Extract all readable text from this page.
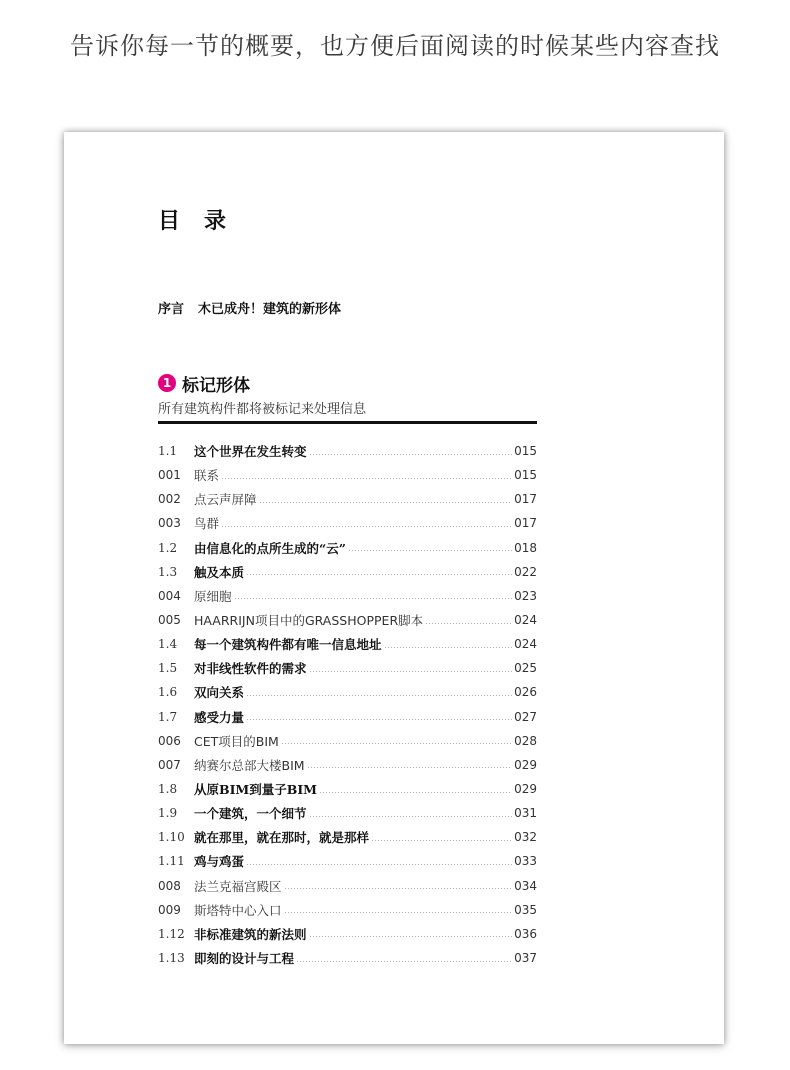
告诉你每一节的概要，也方便后面阅读的时候某些内容查找
目　录
序言 木已成舟！建筑的新形体
1 标记形体
所有建筑构件都将被标记来处理信息
1.1	这个世界在发生转变	015
001	联系	015
002	点云声屏障	017
003	鸟群	017
1.2	由信息化的点所生成的“云”	018
1.3	触及本质	022
004	原细胞	023
005	HAARRIJN项目中的GRASSHOPPER脚本	024
1.4	每一个建筑构件都有唯一信息地址	024
1.5	对非线性软件的需求	025
1.6	双向关系	026
1.7	感受力量	027
006	CET项目的BIM	028
007	纳赛尔总部大楼BIM	029
1.8	从原BIM到量子BIM	029
1.9	一个建筑，一个细节	031
1.10 就在那里，就在那时，就是那样	032
1.11 鸡与鸡蛋	033
008	法兰克福宫殿区	034
009	斯塔特中心入口	035
1.12 非标准建筑的新法则	036
1.13 即刻的设计与工程	037
